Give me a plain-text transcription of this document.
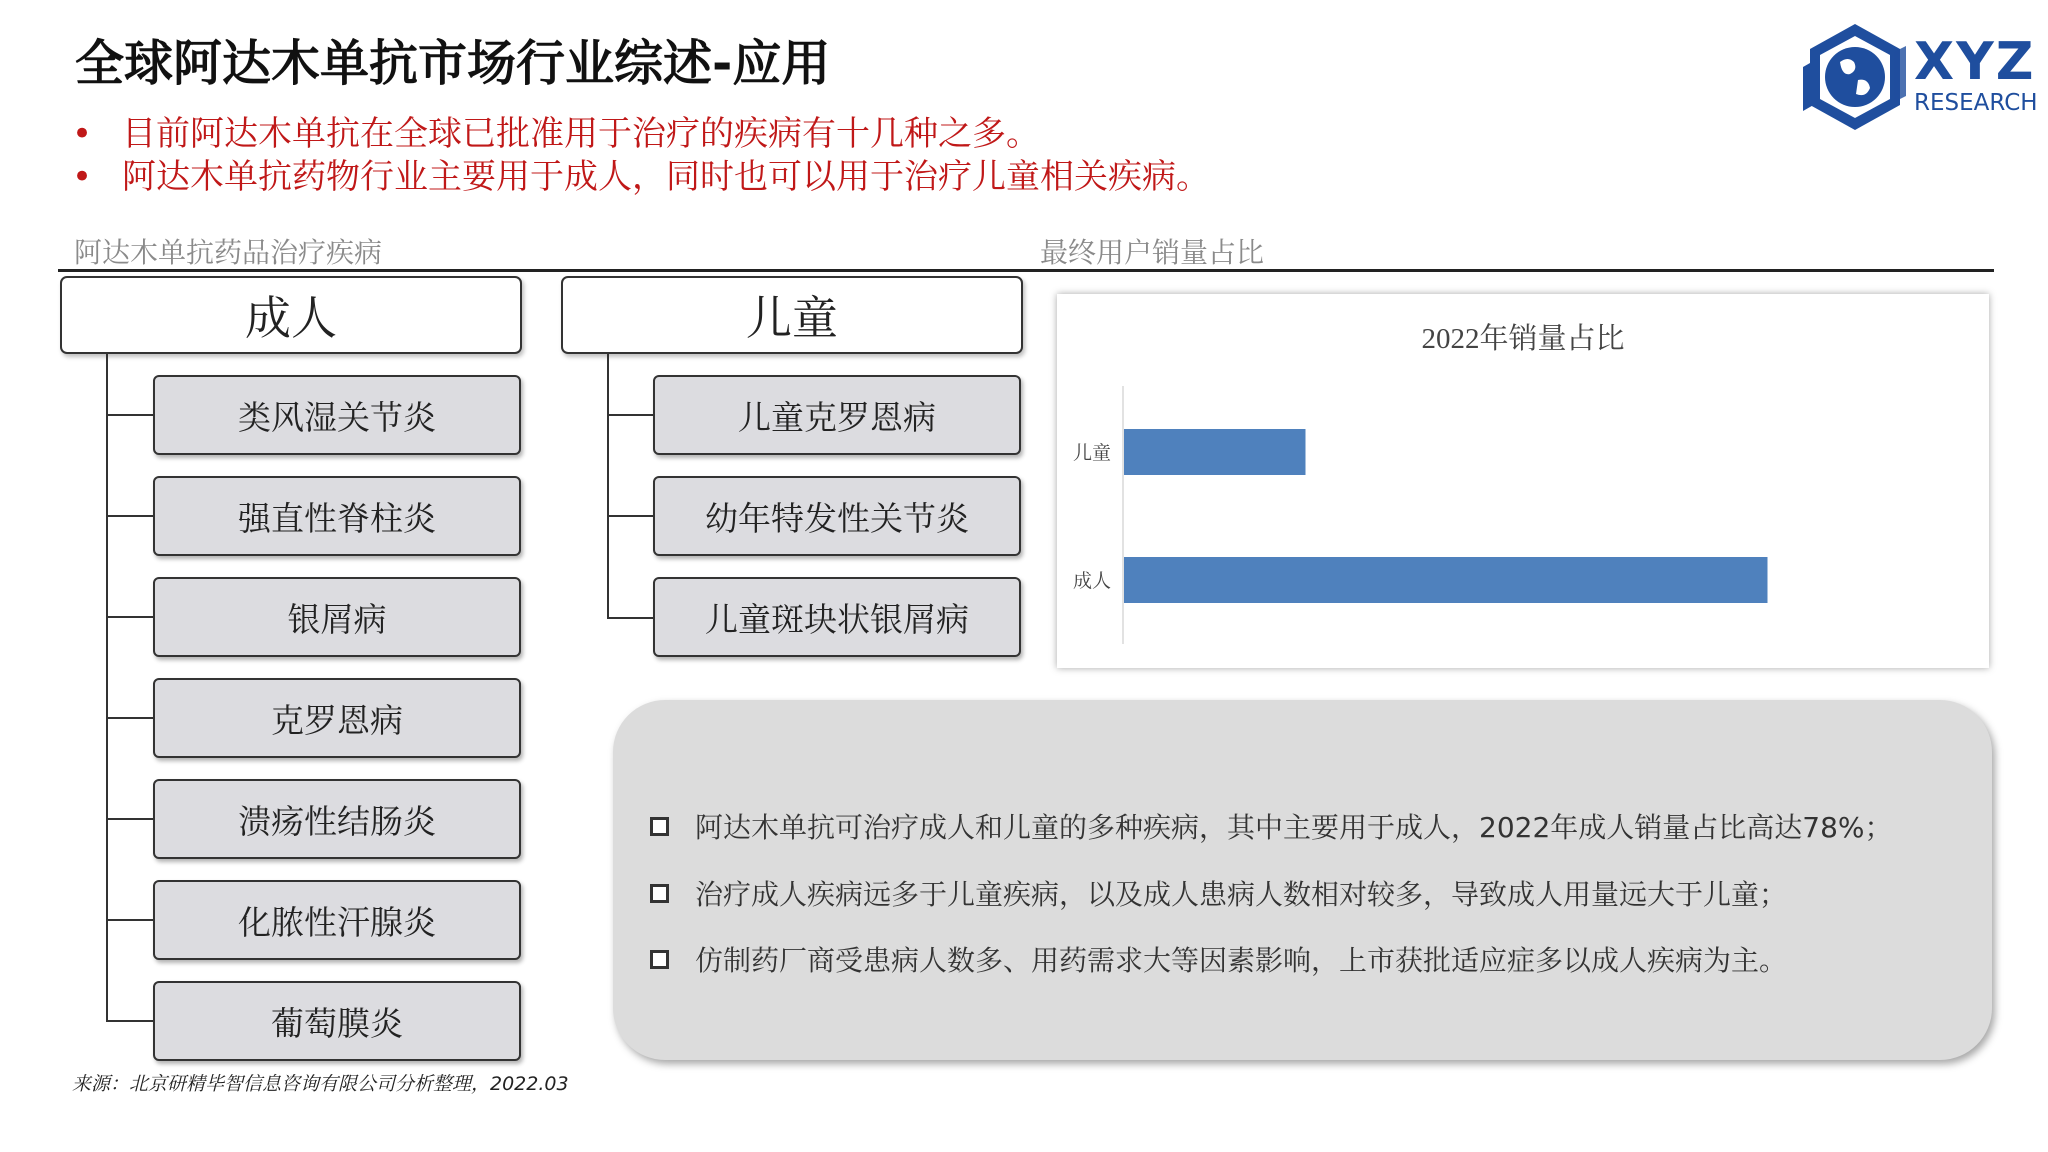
全球阿达木单抗市场行业综述-应用
• 目前阿达木单抗在全球已批准用于治疗的疾病有十几种之多。
• 阿达木单抗药物行业主要用于成人，同时也可以用于治疗儿童相关疾病。
XYZ
RESEARCH
阿达木单抗药品治疗疾病	最终用户销量占比
成人
类风湿关节炎
强直性脊柱炎
银屑病
克罗恩病
溃疡性结肠炎
化脓性汗腺炎
葡萄膜炎
儿童
儿童克罗恩病
幼年特发性关节炎
儿童斑块状银屑病
2022年销量占比
儿童
成人
阿达木单抗可治疗成人和儿童的多种疾病，其中主要用于成人，2022年成人销量占比高达78%；
治疗成人疾病远多于儿童疾病，以及成人患病人数相对较多，导致成人用量远大于儿童；
仿制药厂商受患病人数多、用药需求大等因素影响，上市获批适应症多以成人疾病为主。
来源：北京研精毕智信息咨询有限公司分析整理，2022.03
